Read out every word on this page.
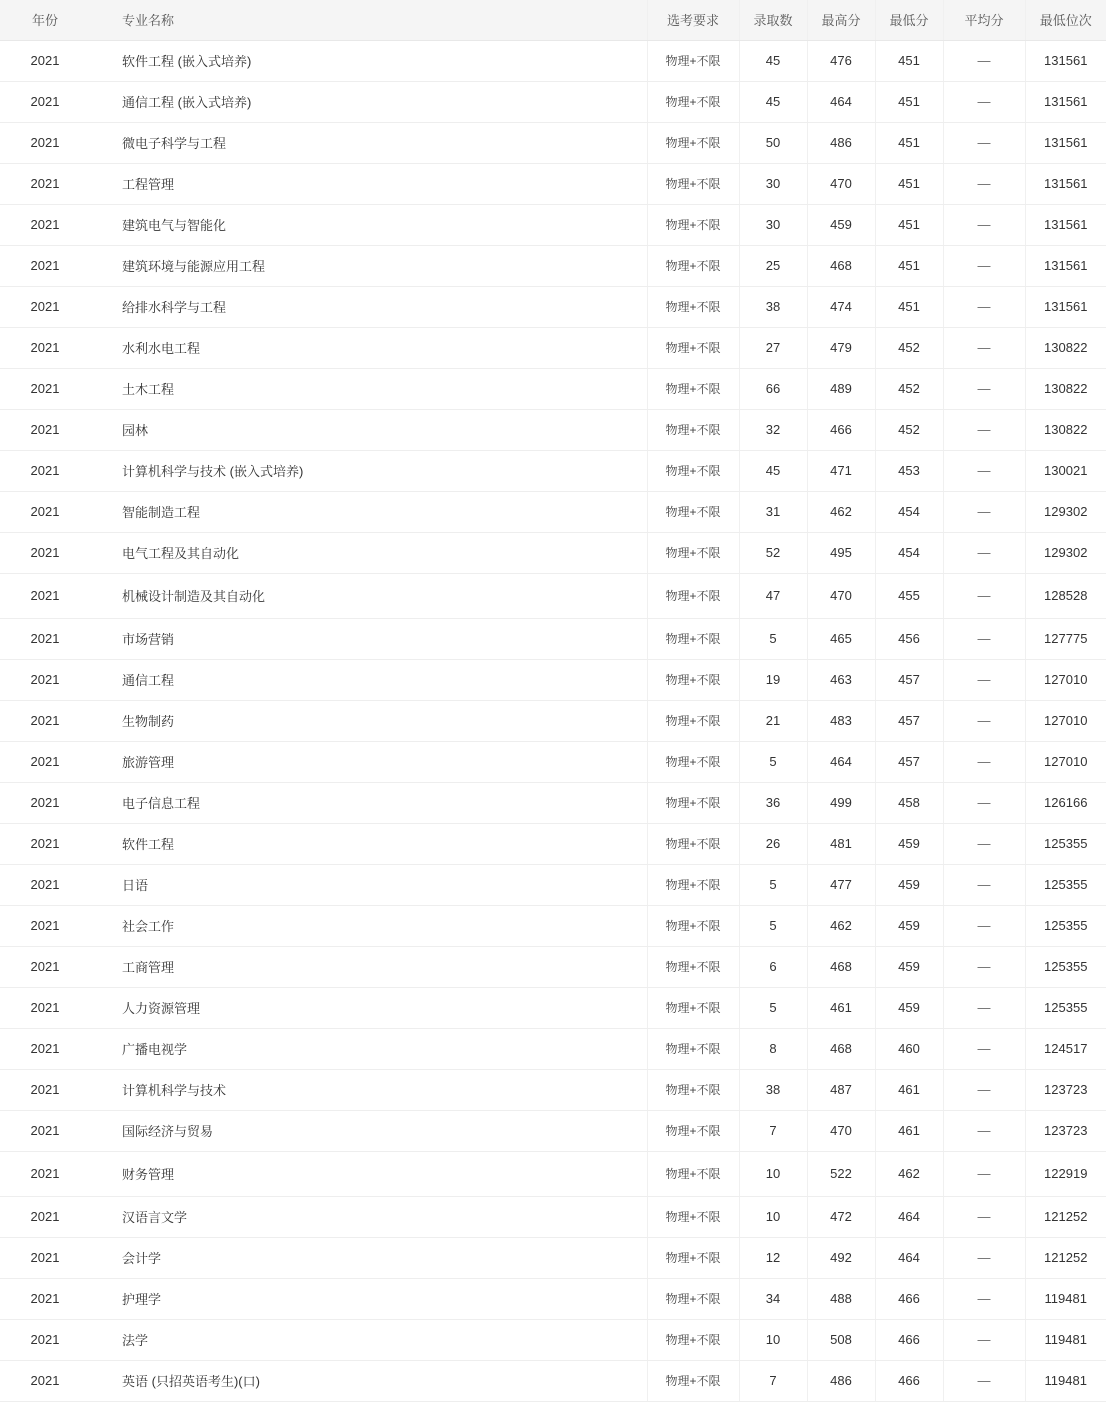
年份	专业名称	选考要求	录取数	最高分	最低分	平均分	最低位次
2021	软件工程 (嵌入式培养)	物理+不限	45	476	451	—	131561
2021	通信工程 (嵌入式培养)	物理+不限	45	464	451	—	131561
2021	微电子科学与工程	物理+不限	50	486	451	—	131561
2021	工程管理	物理+不限	30	470	451	—	131561
2021	建筑电气与智能化	物理+不限	30	459	451	—	131561
2021	建筑环境与能源应用工程	物理+不限	25	468	451	—	131561
2021	给排水科学与工程	物理+不限	38	474	451	—	131561
2021	水利水电工程	物理+不限	27	479	452	—	130822
2021	土木工程	物理+不限	66	489	452	—	130822
2021	园林	物理+不限	32	466	452	—	130822
2021	计算机科学与技术 (嵌入式培养)	物理+不限	45	471	453	—	130021
2021	智能制造工程	物理+不限	31	462	454	—	129302
2021	电气工程及其自动化	物理+不限	52	495	454	—	129302
2021	机械设计制造及其自动化	物理+不限	47	470	455	—	128528
2021	市场营销	物理+不限	5	465	456	—	127775
2021	通信工程	物理+不限	19	463	457	—	127010
2021	生物制药	物理+不限	21	483	457	—	127010
2021	旅游管理	物理+不限	5	464	457	—	127010
2021	电子信息工程	物理+不限	36	499	458	—	126166
2021	软件工程	物理+不限	26	481	459	—	125355
2021	日语	物理+不限	5	477	459	—	125355
2021	社会工作	物理+不限	5	462	459	—	125355
2021	工商管理	物理+不限	6	468	459	—	125355
2021	人力资源管理	物理+不限	5	461	459	—	125355
2021	广播电视学	物理+不限	8	468	460	—	124517
2021	计算机科学与技术	物理+不限	38	487	461	—	123723
2021	国际经济与贸易	物理+不限	7	470	461	—	123723
2021	财务管理	物理+不限	10	522	462	—	122919
2021	汉语言文学	物理+不限	10	472	464	—	121252
2021	会计学	物理+不限	12	492	464	—	121252
2021	护理学	物理+不限	34	488	466	—	119481
2021	法学	物理+不限	10	508	466	—	119481
2021	英语 (只招英语考生)(口)	物理+不限	7	486	466	—	119481
